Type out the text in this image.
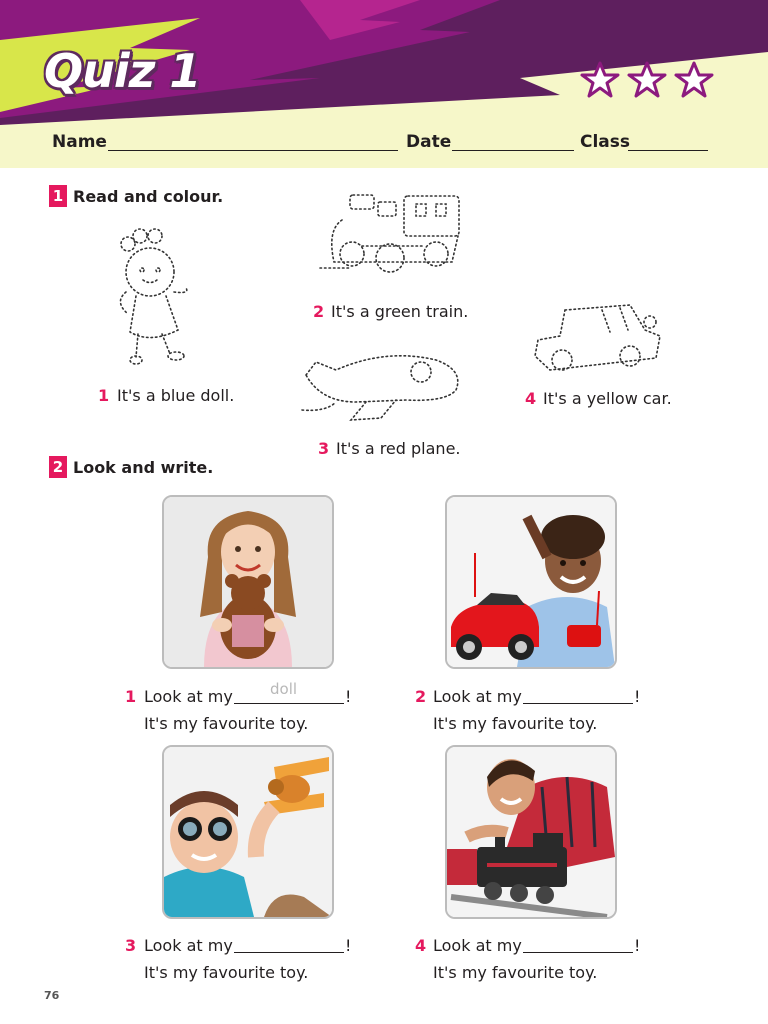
Quiz 1
Name	Date	Class
1 Read and colour.
1 It's a blue doll.
2 It's a green train.
3 It's a red plane.
4 It's a yellow car.
2 Look and write.
1 Look at my doll	!
It's my favourite toy.
2 Look at my	!
It's my favourite toy.
3 Look at my	!
It's my favourite toy.
4 Look at my	!
It's my favourite toy.
76
